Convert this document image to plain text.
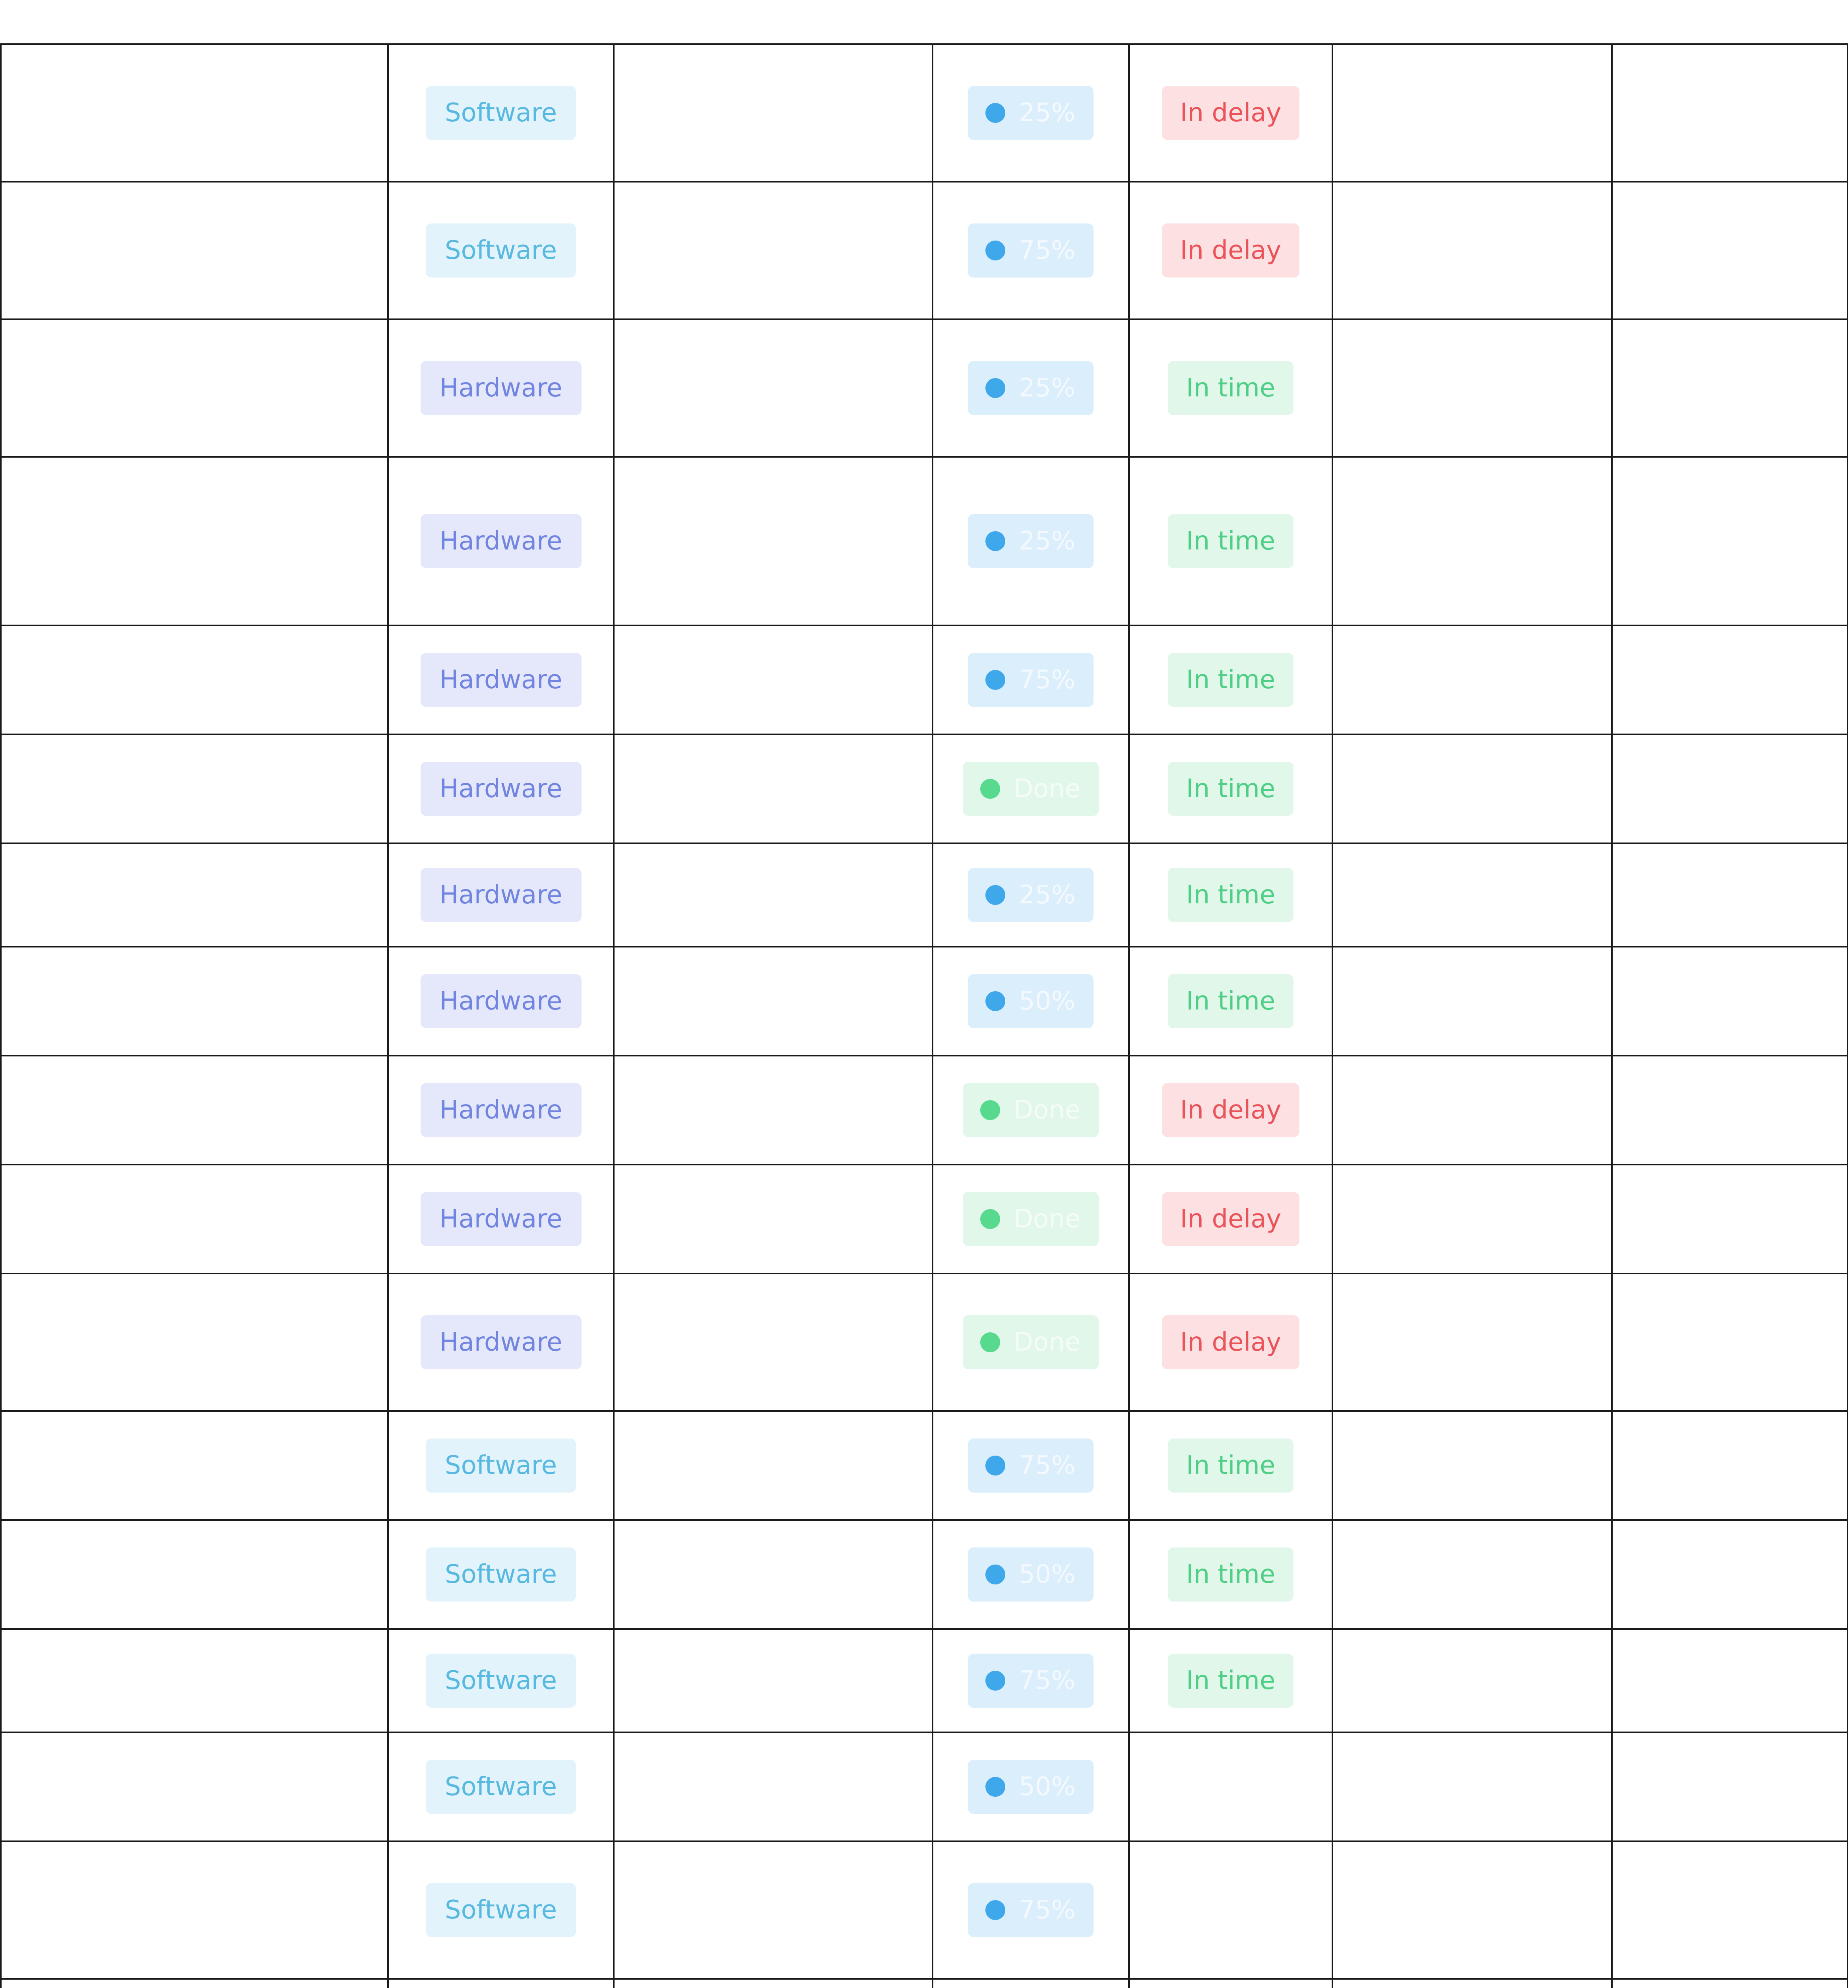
	Software		25%	In delay		
	Software		75%	In delay		
	Hardware		25%	In time		
	Hardware		25%	In time		
	Hardware		75%	In time		
	Hardware		Done	In time		
	Hardware		25%	In time		
	Hardware		50%	In time		
	Hardware		Done	In delay		
	Hardware		Done	In delay		
	Hardware		Done	In delay		
	Software		75%	In time		
	Software		50%	In time		
	Software		75%	In time		
	Software		50%			

	Software		75%			
